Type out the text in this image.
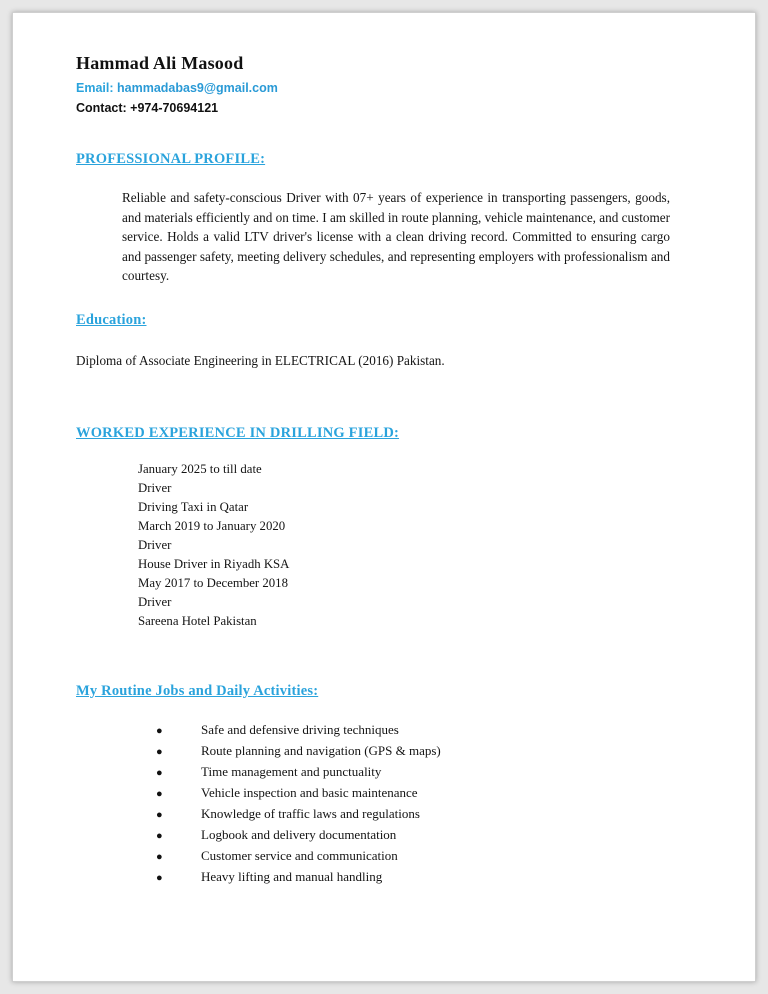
Hammad Ali Masood
Email: hammadabas9@gmail.com
Contact: +974-70694121
PROFESSIONAL PROFILE:
Reliable and safety-conscious Driver with 07+ years of experience in transporting passengers, goods, and materials efficiently and on time. I am skilled in route planning, vehicle maintenance, and customer service. Holds a valid LTV driver's license with a clean driving record. Committed to ensuring cargo and passenger safety, meeting delivery schedules, and representing employers with professionalism and courtesy.
Education:
Diploma of Associate Engineering in ELECTRICAL (2016) Pakistan.
WORKED EXPERIENCE IN DRILLING FIELD:
January 2025 to till date
Driver
Driving Taxi in Qatar
March 2019 to January 2020
Driver
House Driver in Riyadh KSA
May 2017 to December 2018
Driver
Sareena Hotel Pakistan
My Routine Jobs and Daily Activities:
●	Safe and defensive driving techniques
●	Route planning and navigation (GPS & maps)
●	Time management and punctuality
●	Vehicle inspection and basic maintenance
●	Knowledge of traffic laws and regulations
●	Logbook and delivery documentation
●	Customer service and communication
●	Heavy lifting and manual handling
